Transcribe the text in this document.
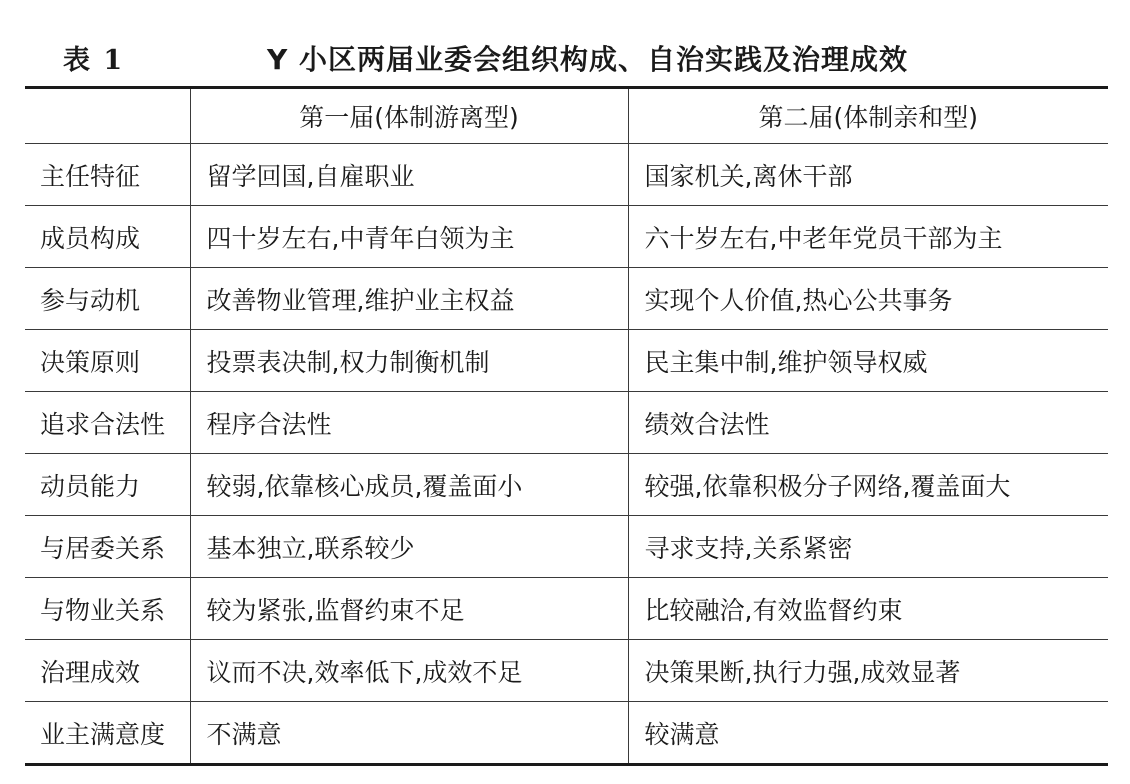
表 1	Y 小区两届业委会组织构成、自治实践及治理成效
	第一届(体制游离型)	第二届(体制亲和型)
主任特征	留学回国,自雇职业	国家机关,离休干部
成员构成	四十岁左右,中青年白领为主	六十岁左右,中老年党员干部为主
参与动机	改善物业管理,维护业主权益	实现个人价值,热心公共事务
决策原则	投票表决制,权力制衡机制	民主集中制,维护领导权威
追求合法性	程序合法性	绩效合法性
动员能力	较弱,依靠核心成员,覆盖面小	较强,依靠积极分子网络,覆盖面大
与居委关系	基本独立,联系较少	寻求支持,关系紧密
与物业关系	较为紧张,监督约束不足	比较融洽,有效监督约束
治理成效	议而不决,效率低下,成效不足	决策果断,执行力强,成效显著
业主满意度	不满意	较满意
